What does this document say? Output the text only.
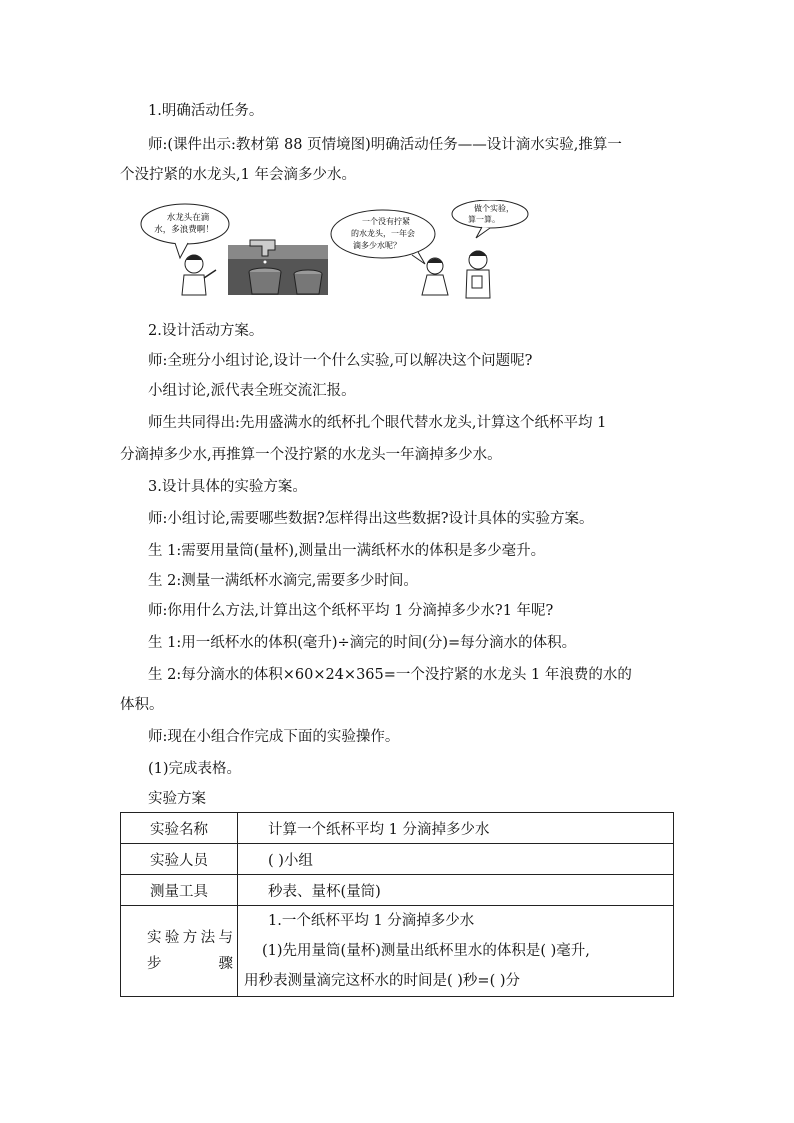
1.明确活动任务。
师:(课件出示:教材第 88 页情境图)明确活动任务——设计滴水实验,推算一
个没拧紧的水龙头,1 年会滴多少水。
水龙头在滴
水，多浪费啊！
一个没有拧紧
的水龙头，一年会
滴多少水呢？
做个实验，
算一算。
2.设计活动方案。
师:全班分小组讨论,设计一个什么实验,可以解决这个问题呢?
小组讨论,派代表全班交流汇报。
师生共同得出:先用盛满水的纸杯扎个眼代替水龙头,计算这个纸杯平均 1
分滴掉多少水,再推算一个没拧紧的水龙头一年滴掉多少水。
3.设计具体的实验方案。
师:小组讨论,需要哪些数据?怎样得出这些数据?设计具体的实验方案。
生 1:需要用量筒(量杯),测量出一满纸杯水的体积是多少毫升。
生 2:测量一满纸杯水滴完,需要多少时间。
师:你用什么方法,计算出这个纸杯平均 1 分滴掉多少水?1 年呢?
生 1:用一纸杯水的体积(毫升)÷滴完的时间(分)=每分滴水的体积。
生 2:每分滴水的体积×60×24×365=一个没拧紧的水龙头 1 年浪费的水的
体积。
师:现在小组合作完成下面的实验操作。
(1)完成表格。
实验方案
实验名称	计算一个纸杯平均 1 分滴掉多少水
实验人员	( )小组
测量工具	秒表、量杯(量筒)

实验方法与步骤	1.一个纸杯平均 1 分滴掉多少水
(1)先用量筒(量杯)测量出纸杯里水的体积是( )毫升,
用秒表测量滴完这杯水的时间是( )秒=( )分
